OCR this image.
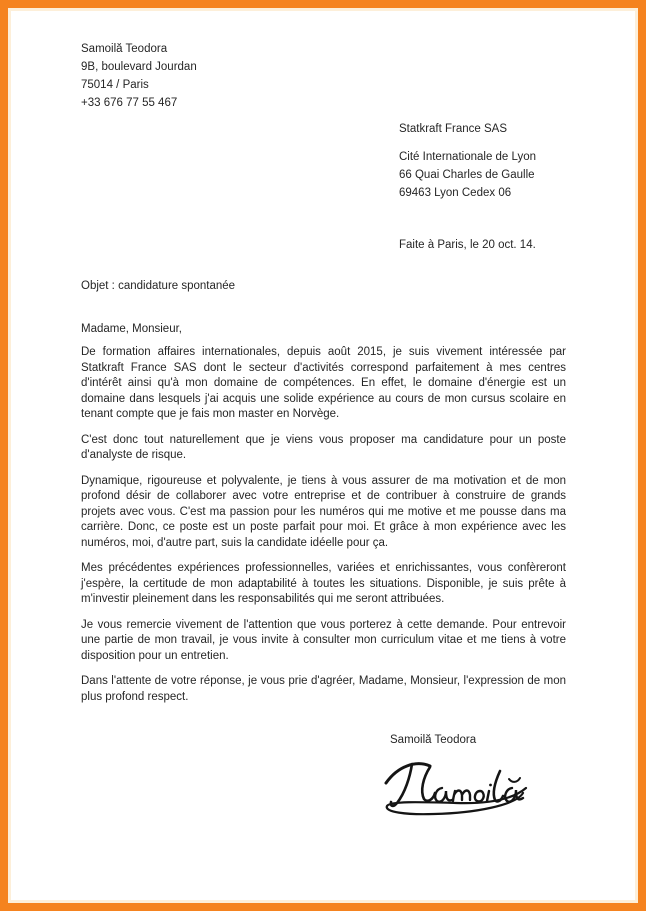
Samoilă Teodora
9B, boulevard Jourdan
75014 / Paris
+33 676 77 55 467
Statkraft France SAS
Cité Internationale de Lyon
66 Quai Charles de Gaulle
69463 Lyon Cedex 06
Faite à Paris, le 20 oct. 14.
Objet : candidature spontanée
Madame, Monsieur,

De formation affaires internationales, depuis août 2015, je suis vivement intéressée par Statkraft France SAS dont le secteur d'activités correspond parfaitement à mes centres d'intérêt ainsi qu'à mon domaine de compétences. En effet, le domaine d'énergie est un domaine dans lesquels j'ai acquis une solide expérience au cours de mon cursus scolaire en tenant compte que je fais mon master en Norvège.

C'est donc tout naturellement que je viens vous proposer ma candidature pour un poste d'analyste de risque.

Dynamique, rigoureuse et polyvalente, je tiens à vous assurer de ma motivation et de mon profond désir de collaborer avec votre entreprise et de contribuer à construire de grands projets avec vous. C'est ma passion pour les numéros qui me motive et me pousse dans ma carrière. Donc, ce poste est un poste parfait pour moi. Et grâce à mon expérience avec les numéros, moi, d'autre part, suis la candidate idéelle pour ça.

Mes précédentes expériences professionnelles, variées et enrichissantes, vous confèreront j'espère, la certitude de mon adaptabilité à toutes les situations. Disponible, je suis prête à m'investir pleinement dans les responsabilités qui me seront attribuées.

Je vous remercie vivement de l'attention que vous porterez à cette demande. Pour entrevoir une partie de mon travail, je vous invite à consulter mon curriculum vitae et me tiens à votre disposition pour un entretien.

Dans l'attente de votre réponse, je vous prie d'agréer, Madame, Monsieur, l'expression de mon plus profond respect.

Samoilă Teodora
